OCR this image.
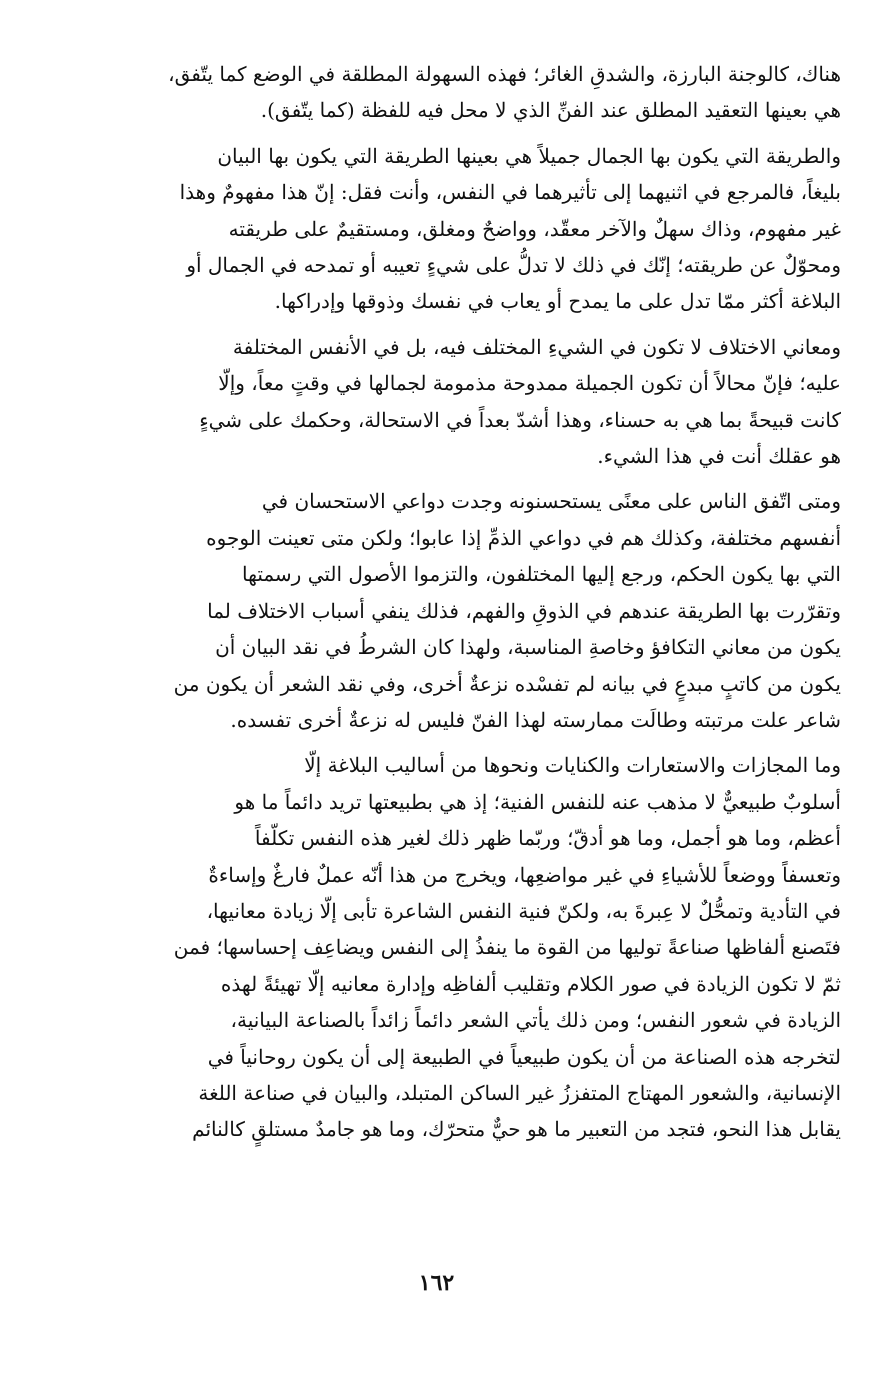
هناك، كالوجنة البارزة، والشدقِ الغائر؛ فهذه السهولة المطلقة في الوضع كما يتّفق،
هي بعينها التعقيد المطلق عند الفنِّ الذي لا محل فيه للفظة (كما يتّفق).

والطريقة التي يكون بها الجمال جميلاً هي بعينها الطريقة التي يكون بها البيان
بليغاً، فالمرجع في اثنيهما إلى تأثيرهما في النفس، وأنت فقل: إنّ هذا مفهومٌ وهذا
غير مفهوم، وذاك سهلٌ والآخر معقّد، وواضحٌ ومغلق، ومستقيمٌ على طريقته
ومحوّلٌ عن طريقته؛ إنّك في ذلك لا تدلُّ على شيءٍ تعيبه أو تمدحه في الجمال أو
البلاغة أكثر ممّا تدل على ما يمدح أو يعاب في نفسك وذوقها وإدراكها.

ومعاني الاختلاف لا تكون في الشيءِ المختلف فيه، بل في الأنفس المختلفة
عليه؛ فإنّ محالاً أن تكون الجميلة ممدوحة مذمومة لجمالها في وقتٍ معاً، وإلّا
كانت قبيحةً بما هي به حسناء، وهذا أشدّ بعداً في الاستحالة، وحكمك على شيءٍ
هو عقلك أنت في هذا الشيء.

ومتى اتّفق الناس على معنًى يستحسنونه وجدت دواعي الاستحسان في
أنفسهم مختلفة، وكذلك هم في دواعي الذمِّ إذا عابوا؛ ولكن متى تعينت الوجوه
التي بها يكون الحكم، ورجع إليها المختلفون، والتزموا الأصول التي رسمتها
وتقرّرت بها الطريقة عندهم في الذوقِ والفهم، فذلك ينفي أسباب الاختلاف لما
يكون من معاني التكافؤ وخاصةِ المناسبة، ولهذا كان الشرطُ في نقد البيان أن
يكون من كاتبٍ مبدعٍ في بيانه لم تفسْده نزعةٌ أخرى، وفي نقد الشعر أن يكون من
شاعر علت مرتبته وطالَت ممارسته لهذا الفنّ فليس له نزعةٌ أخرى تفسده.

وما المجازات والاستعارات والكنايات ونحوها من أساليب البلاغة إلّا
أسلوبٌ طبيعيٌّ لا مذهب عنه للنفس الفنية؛ إذ هي بطبيعتها تريد دائماً ما هو
أعظم، وما هو أجمل، وما هو أدقّ؛ وربّما ظهر ذلك لغير هذه النفس تكلّفاً
وتعسفاً ووضعاً للأشياءِ في غير مواضعِها، ويخرج من هذا أنّه عملٌ فارغٌ وإساءةٌ
في التأدية وتمحُّلٌ لا عِبرةَ به، ولكنّ فنية النفس الشاعرة تأبى إلّا زيادة معانيها،
فتَصنع ألفاظها صناعةً توليها من القوة ما ينفذُ إلى النفس ويضاعِف إحساسها؛ فمن
ثمّ لا تكون الزيادة في صور الكلام وتقليب ألفاظِه وإدارة معانيه إلّا تهيئةً لهذه
الزيادة في شعور النفس؛ ومن ذلك يأتي الشعر دائماً زائداً بالصناعة البيانية،
لتخرجه هذه الصناعة من أن يكون طبيعياً في الطبيعة إلى أن يكون روحانياً في
الإنسانية، والشعور المهتاج المتفززُ غير الساكن المتبلد، والبيان في صناعة اللغة
يقابل هذا النحو، فتجد من التعبير ما هو حيٌّ متحرّك، وما هو جامدٌ مستلقٍ كالنائم

١٦٢
